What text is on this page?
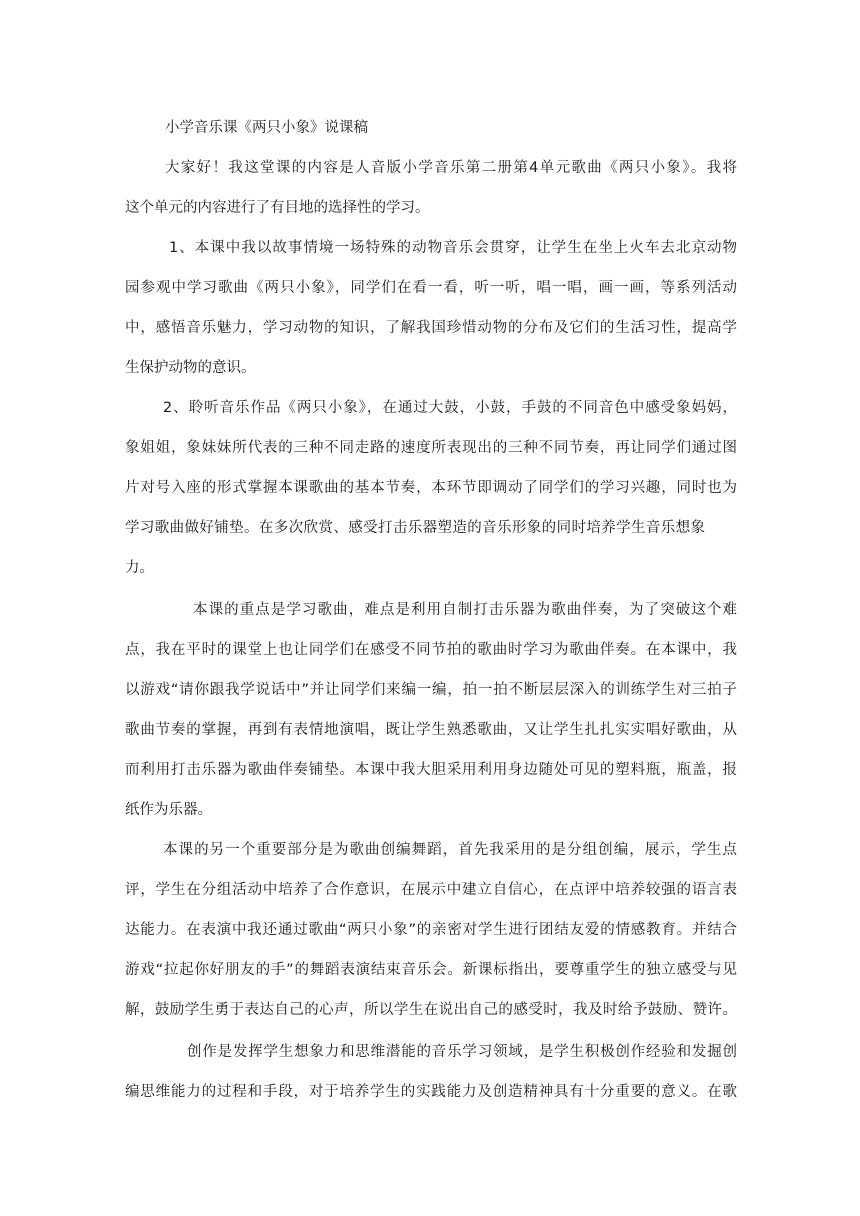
小学音乐课《两只小象》说课稿
大家好！我这堂课的内容是人音版小学音乐第二册第4单元歌曲《两只小象》。我将
这个单元的内容进行了有目地的选择性的学习。
1、本课中我以故事情境一场特殊的动物音乐会贯穿，让学生在坐上火车去北京动物
园参观中学习歌曲《两只小象》，同学们在看一看，听一听，唱一唱，画一画，等系列活动
中，感悟音乐魅力，学习动物的知识，了解我国珍惜动物的分布及它们的生活习性，提高学
生保护动物的意识。
2、聆听音乐作品《两只小象》，在通过大鼓，小鼓，手鼓的不同音色中感受象妈妈，
象姐姐，象妹妹所代表的三种不同走路的速度所表现出的三种不同节奏，再让同学们通过图
片对号入座的形式掌握本课歌曲的基本节奏，本环节即调动了同学们的学习兴趣，同时也为
学习歌曲做好铺垫。在多次欣赏、感受打击乐器塑造的音乐形象的同时培养学生音乐想象
力。
本课的重点是学习歌曲，难点是利用自制打击乐器为歌曲伴奏，为了突破这个难
点，我在平时的课堂上也让同学们在感受不同节拍的歌曲时学习为歌曲伴奏。在本课中，我
以游戏“请你跟我学说话中”并让同学们来编一编，拍一拍不断层层深入的训练学生对三拍子
歌曲节奏的掌握，再到有表情地演唱，既让学生熟悉歌曲，又让学生扎扎实实唱好歌曲，从
而利用打击乐器为歌曲伴奏铺垫。本课中我大胆采用利用身边随处可见的塑料瓶，瓶盖，报
纸作为乐器。
本课的另一个重要部分是为歌曲创编舞蹈，首先我采用的是分组创编，展示，学生点
评，学生在分组活动中培养了合作意识，在展示中建立自信心，在点评中培养较强的语言表
达能力。在表演中我还通过歌曲“两只小象”的亲密对学生进行团结友爱的情感教育。并结合
游戏“拉起你好朋友的手”的舞蹈表演结束音乐会。新课标指出，要尊重学生的独立感受与见
解，鼓励学生勇于表达自己的心声，所以学生在说出自己的感受时，我及时给予鼓励、赞许。
创作是发挥学生想象力和思维潜能的音乐学习领域，是学生积极创作经验和发掘创
编思维能力的过程和手段，对于培养学生的实践能力及创造精神具有十分重要的意义。在歌
